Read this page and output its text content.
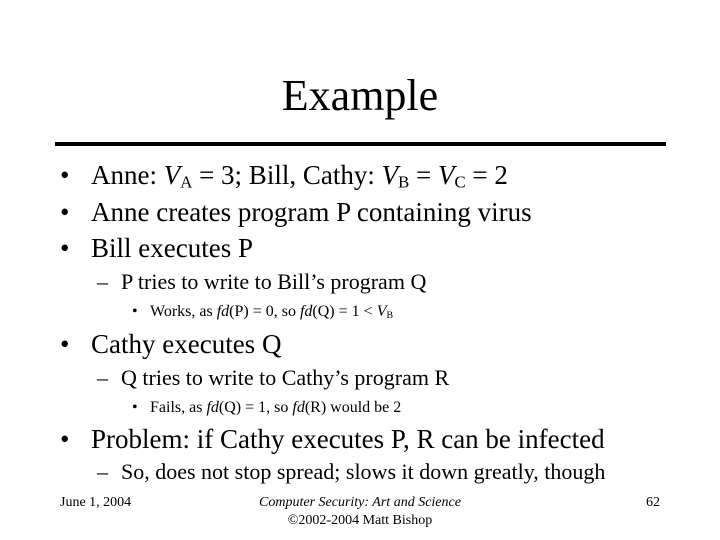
Example
• Anne: $V_A = 3$; Bill, Cathy: $V_B = V_C = 2$
• Anne creates program P containing virus
• Bill executes P
– P tries to write to Bill’s program Q
• Works, as fd(P) = 0, so $fd(Q) = 1 < V_B$
• Cathy executes Q
– Q tries to write to Cathy’s program R
• Fails, as fd(Q) = 1, so fd(R) would be 2
• Problem: if Cathy executes P, R can be infected
– So, does not stop spread; slows it down greatly, though
June 1, 2004	Computer Security: Art and Science
©2002-2004 Matt Bishop
62
